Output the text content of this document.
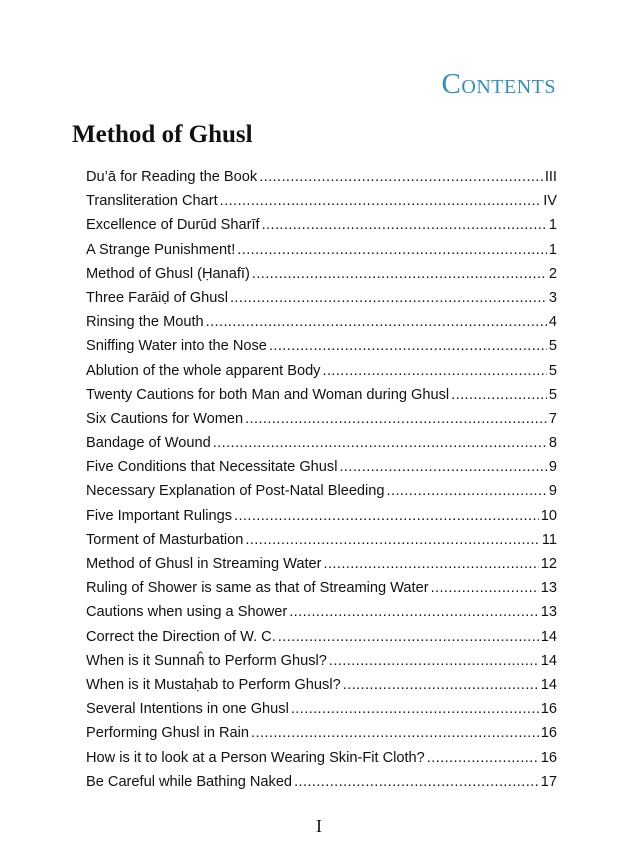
Contents
Method of Ghusl
Du’ā for Reading the Book .....	III
Transliteration Chart .....	IV
Excellence of Durūd Sharīf .....	1
A Strange Punishment! .....	1
Method of Ghusl (Ḥanafī) .....	2
Three Farāiḍ of Ghusl .....	3
Rinsing the Mouth .....	4
Sniffing Water into the Nose .....	5
Ablution of the whole apparent Body .....	5
Twenty Cautions for both Man and Woman during Ghusl .....	5
Six Cautions for Women .....	7
Bandage of Wound .....	8
Five Conditions that Necessitate Ghusl .....	9
Necessary Explanation of Post-Natal Bleeding .....	9
Five Important Rulings .....	10
Torment of Masturbation .....	11
Method of Ghusl in Streaming Water .....	12
Ruling of Shower is same as that of Streaming Water .....	13
Cautions when using a Shower .....	13
Correct the Direction of W. C. .....	14
When is it Sunnaĥ to Perform Ghusl? .....	14
When is it Mustaḥab to Perform Ghusl? .....	14
Several Intentions in one Ghusl .....	16
Performing Ghusl in Rain .....	16
How is it to look at a Person Wearing Skin-Fit Cloth? .....	16
Be Careful while Bathing Naked .....	17
I
